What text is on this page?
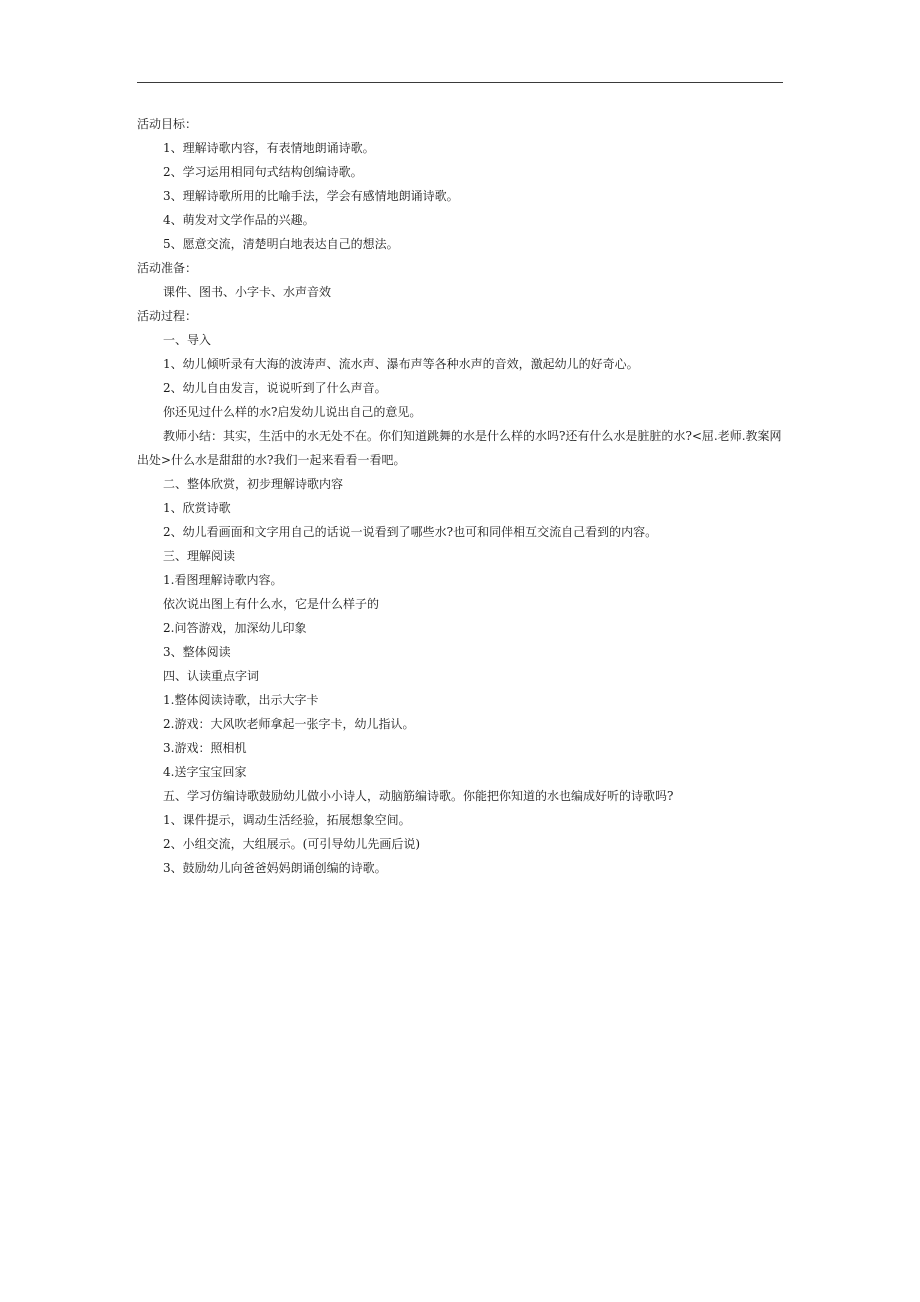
活动目标：
1、理解诗歌内容，有表情地朗诵诗歌。
2、学习运用相同句式结构创编诗歌。
3、理解诗歌所用的比喻手法，学会有感情地朗诵诗歌。
4、萌发对文学作品的兴趣。
5、愿意交流，清楚明白地表达自己的想法。
活动准备：
课件、图书、小字卡、水声音效
活动过程：
一、导入
1、幼儿倾听录有大海的波涛声、流水声、瀑布声等各种水声的音效，激起幼儿的好奇心。
2、幼儿自由发言，说说听到了什么声音。
你还见过什么样的水?启发幼儿说出自己的意见。
教师小结：其实，生活中的水无处不在。你们知道跳舞的水是什么样的水吗?还有什么水是脏脏的水?<屈.老师.教案网出处>什么水是甜甜的水?我们一起来看看一看吧。
二、整体欣赏，初步理解诗歌内容
1、欣赏诗歌
2、幼儿看画面和文字用自己的话说一说看到了哪些水?也可和同伴相互交流自己看到的内容。
三、理解阅读
1.看图理解诗歌内容。
依次说出图上有什么水，它是什么样子的
2.问答游戏，加深幼儿印象
3、整体阅读
四、认读重点字词
1.整体阅读诗歌，出示大字卡
2.游戏：大风吹老师拿起一张字卡，幼儿指认。
3.游戏：照相机
4.送字宝宝回家
五、学习仿编诗歌鼓励幼儿做小小诗人，动脑筋编诗歌。你能把你知道的水也编成好听的诗歌吗?
1、课件提示，调动生活经验，拓展想象空间。
2、小组交流，大组展示。(可引导幼儿先画后说)
3、鼓励幼儿向爸爸妈妈朗诵创编的诗歌。
